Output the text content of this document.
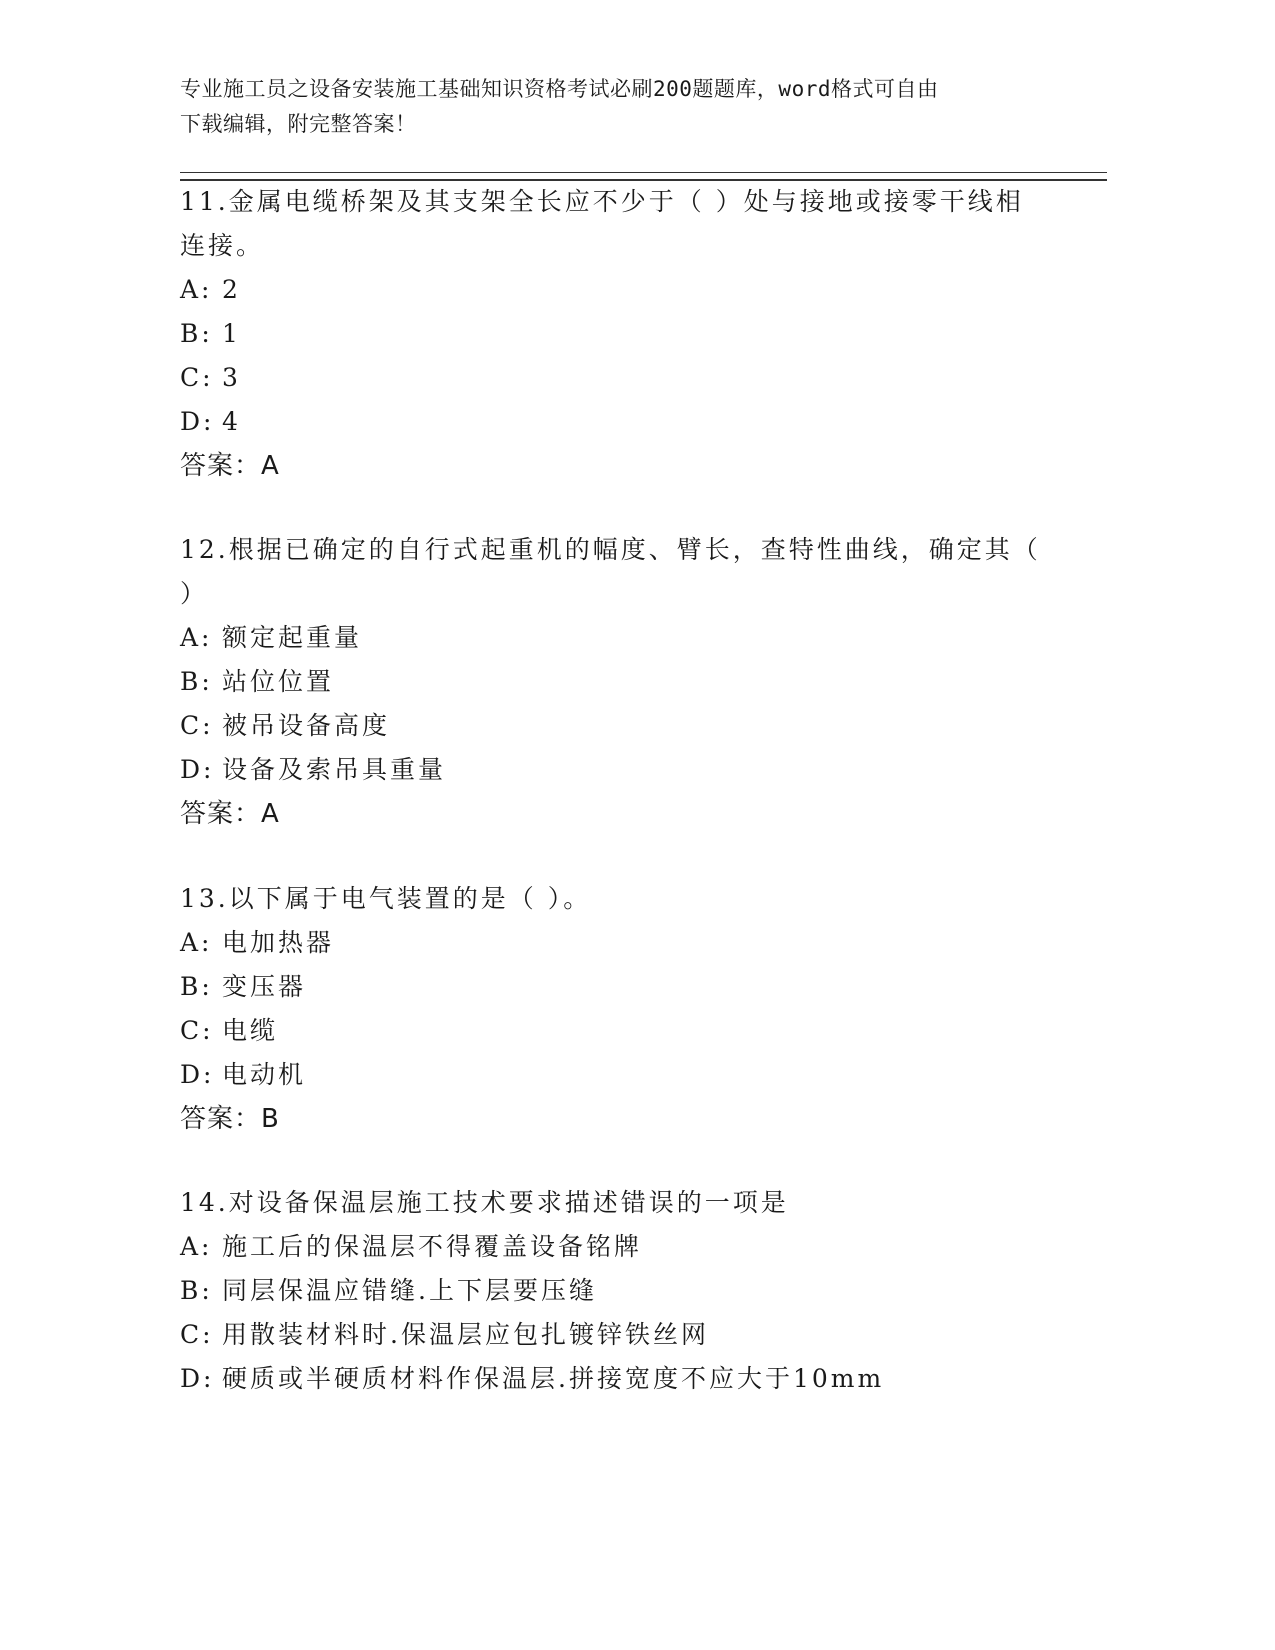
专业施工员之设备安装施工基础知识资格考试必刷200题题库，word格式可自由
下载编辑，附完整答案！
11.金属电缆桥架及其支架全长应不少于（ ）处与接地或接零干线相
连接。
A: 2
B: 1
C: 3
D: 4
答案：A
12.根据已确定的自行式起重机的幅度、臂长，查特性曲线，确定其（
）
A: 额定起重量
B: 站位位置
C: 被吊设备高度
D: 设备及索吊具重量
答案：A
13.以下属于电气装置的是（ ）。
A: 电加热器
B: 变压器
C: 电缆
D: 电动机
答案：B
14.对设备保温层施工技术要求描述错误的一项是
A: 施工后的保温层不得覆盖设备铭牌
B: 同层保温应错缝.上下层要压缝
C: 用散装材料时.保温层应包扎镀锌铁丝网
D: 硬质或半硬质材料作保温层.拼接宽度不应大于10mm
